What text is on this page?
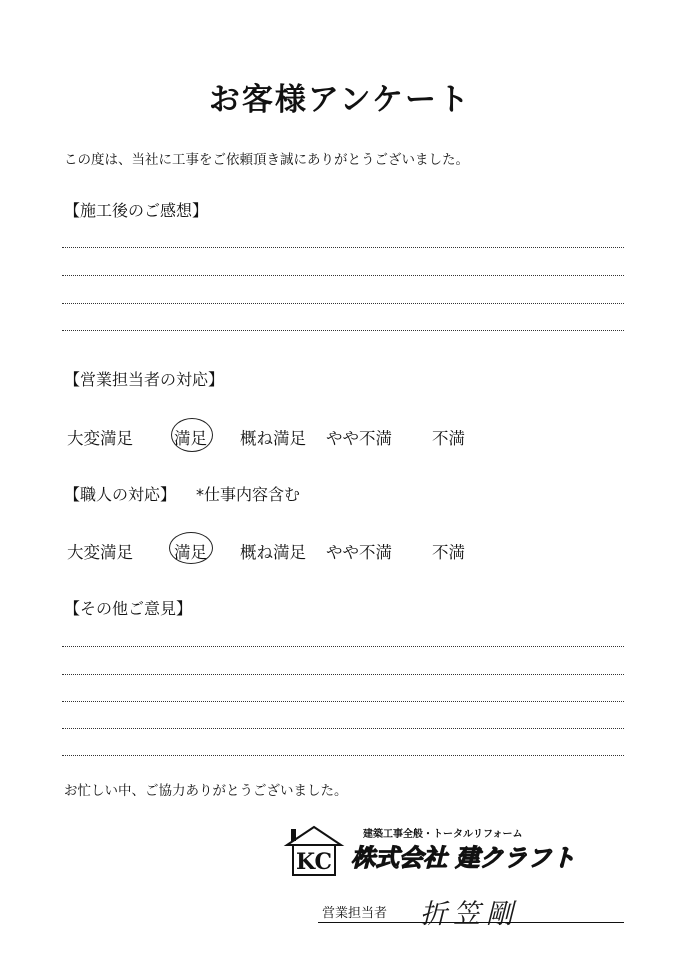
お客様アンケート
この度は、当社に工事をご依頼頂き誠にありがとうございました。
【施工後のご感想】
【営業担当者の対応】
大変満足 満足 概ね満足 やや不満 不満
【職人の対応】 *仕事内容含む
大変満足 満足 概ね満足 やや不満 不満
【その他ご意見】
お忙しい中、ご協力ありがとうございました。
KC
建築工事全般・トータルリフォーム
株式会社 建クラフト
営業担当者 折笠剛
